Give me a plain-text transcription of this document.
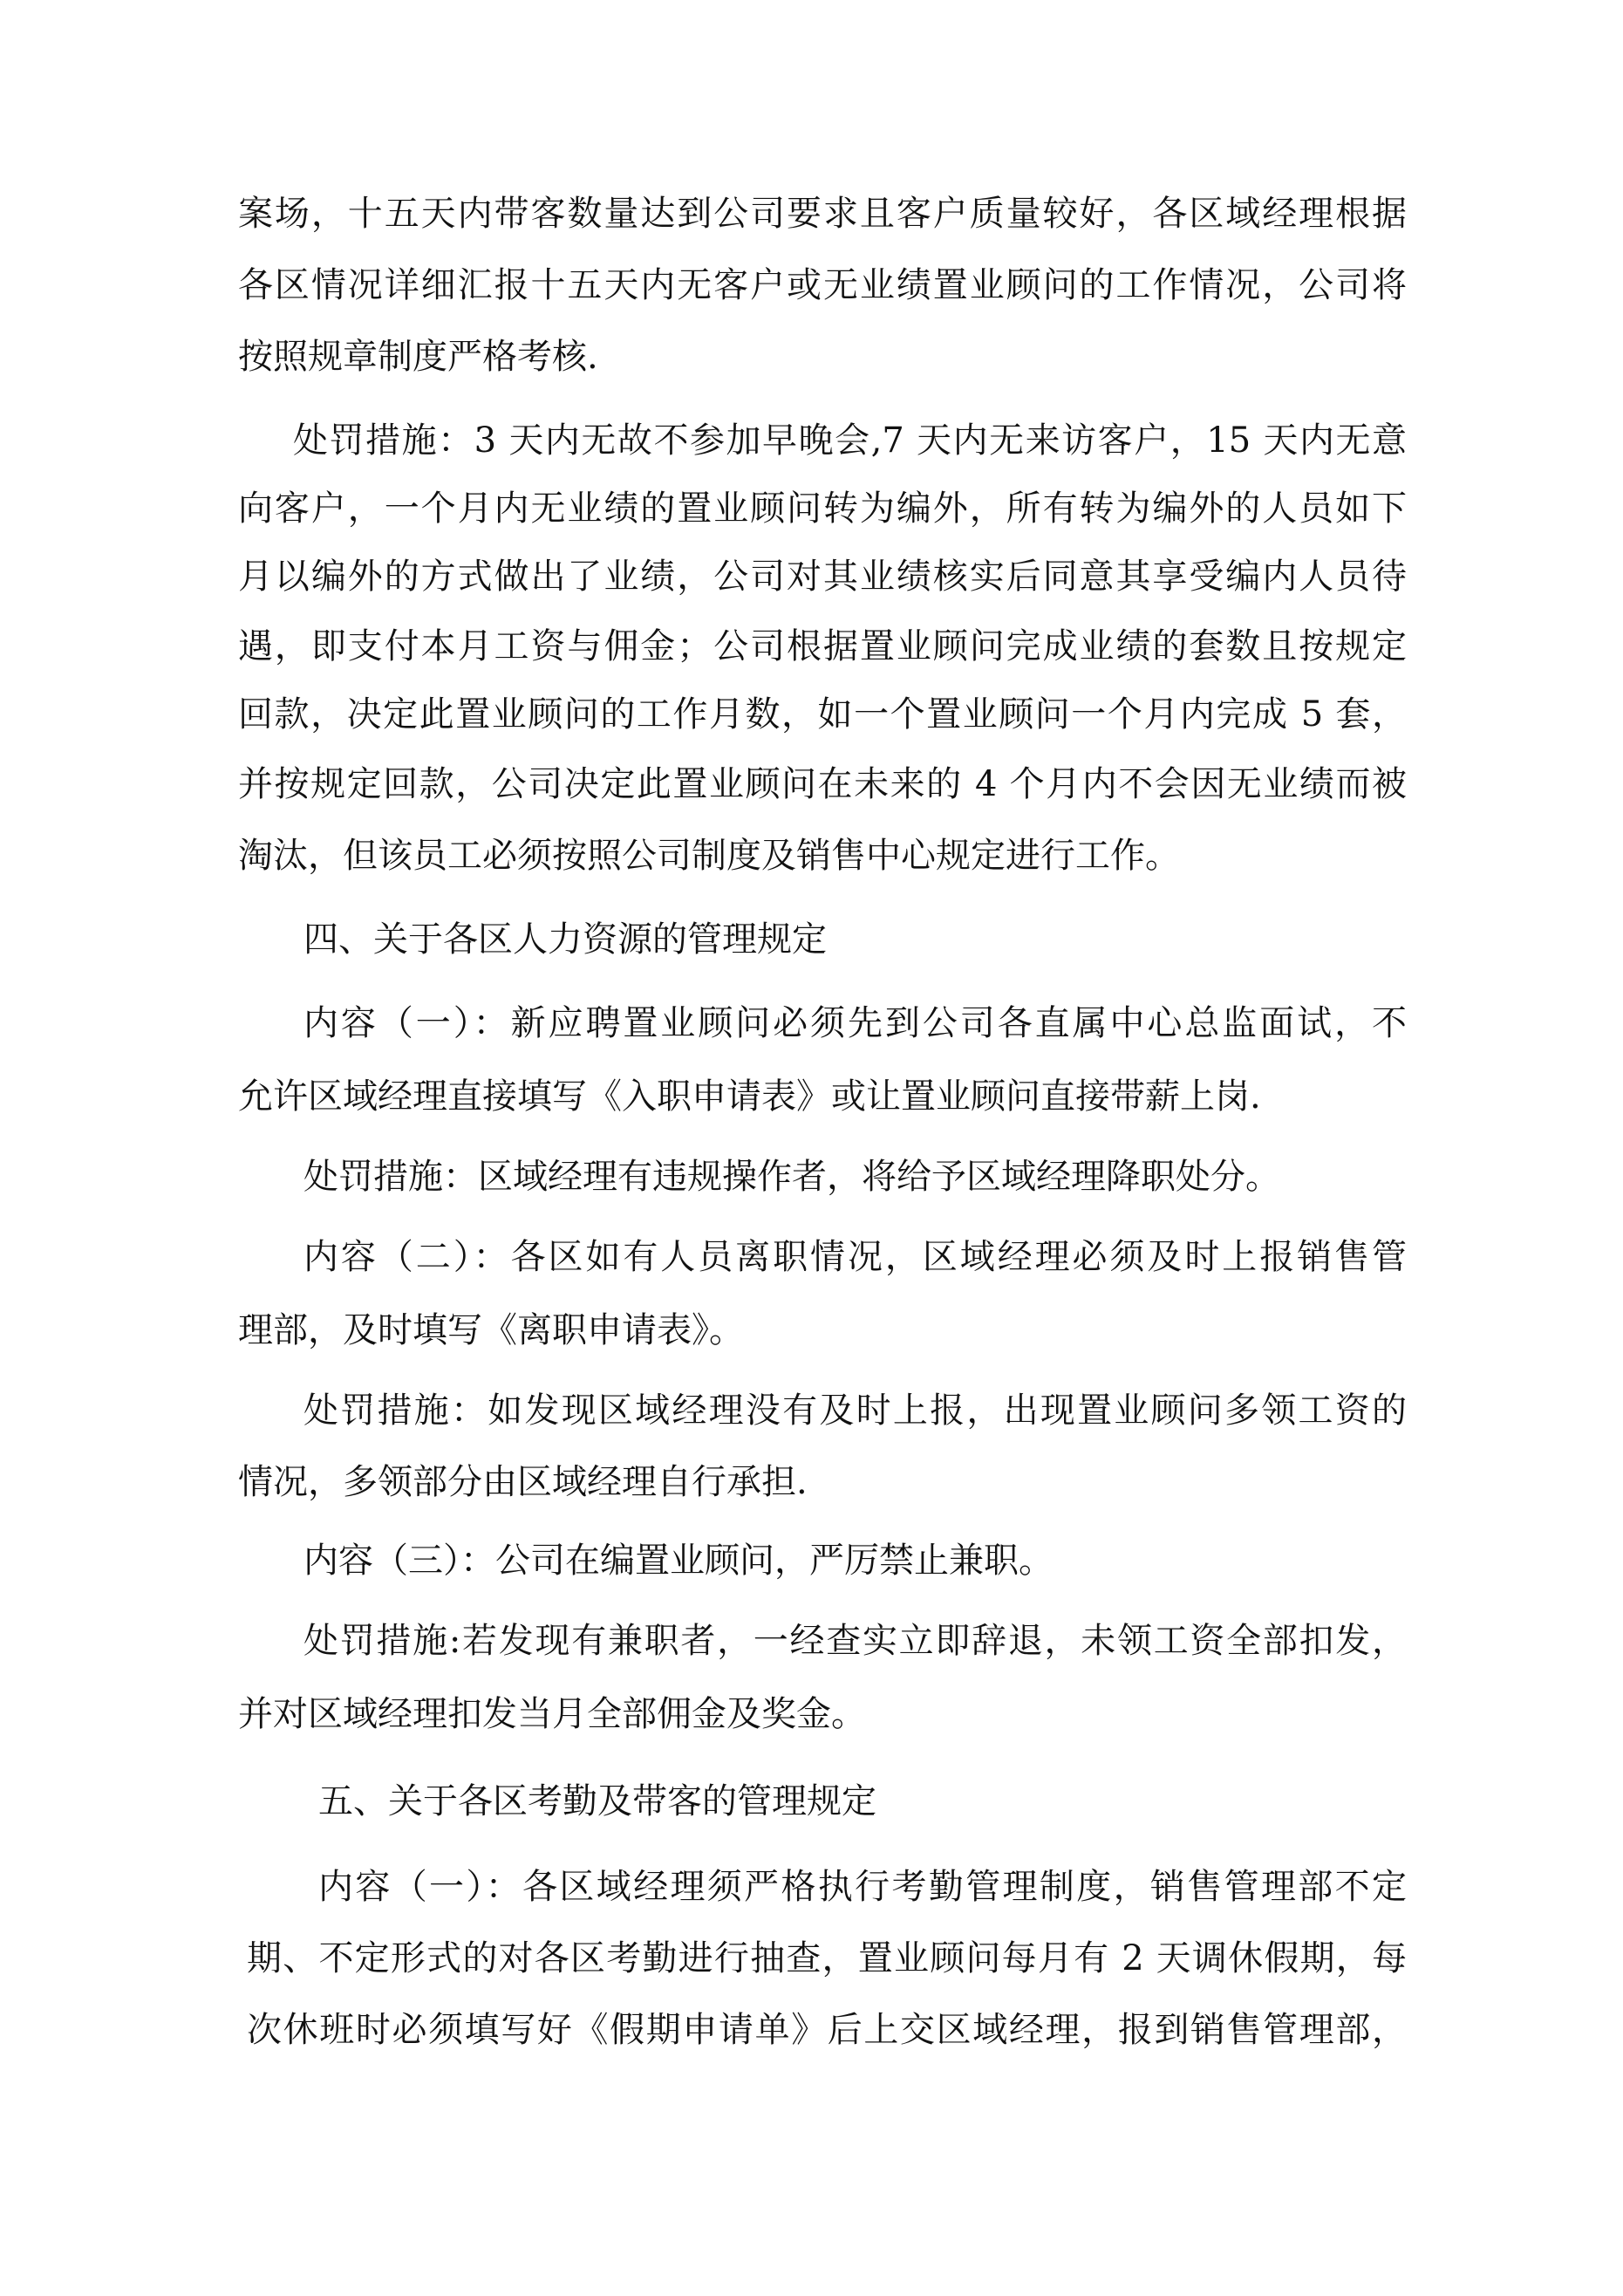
案场，十五天内带客数量达到公司要求且客户质量较好，各区域经理根据
各区情况详细汇报十五天内无客户或无业绩置业顾问的工作情况，公司将
按照规章制度严格考核.
处罚措施：3 天内无故不参加早晚会,7 天内无来访客户，15 天内无意
向客户，一个月内无业绩的置业顾问转为编外，所有转为编外的人员如下
月以编外的方式做出了业绩，公司对其业绩核实后同意其享受编内人员待
遇，即支付本月工资与佣金；公司根据置业顾问完成业绩的套数且按规定
回款，决定此置业顾问的工作月数，如一个置业顾问一个月内完成 5 套，
并按规定回款，公司决定此置业顾问在未来的 4 个月内不会因无业绩而被
淘汰，但该员工必须按照公司制度及销售中心规定进行工作。
四、关于各区人力资源的管理规定
内容（一）：新应聘置业顾问必须先到公司各直属中心总监面试，不
允许区域经理直接填写《入职申请表》或让置业顾问直接带薪上岗.
处罚措施：区域经理有违规操作者，将给予区域经理降职处分。
内容（二）：各区如有人员离职情况，区域经理必须及时上报销售管
理部，及时填写《离职申请表》。
处罚措施：如发现区域经理没有及时上报，出现置业顾问多领工资的
情况，多领部分由区域经理自行承担.
内容（三）：公司在编置业顾问，严厉禁止兼职。
处罚措施:若发现有兼职者，一经查实立即辞退，未领工资全部扣发，
并对区域经理扣发当月全部佣金及奖金。
五、关于各区考勤及带客的管理规定
内容（一）：各区域经理须严格执行考勤管理制度，销售管理部不定
期、不定形式的对各区考勤进行抽查，置业顾问每月有 2 天调休假期，每
次休班时必须填写好《假期申请单》后上交区域经理，报到销售管理部，
